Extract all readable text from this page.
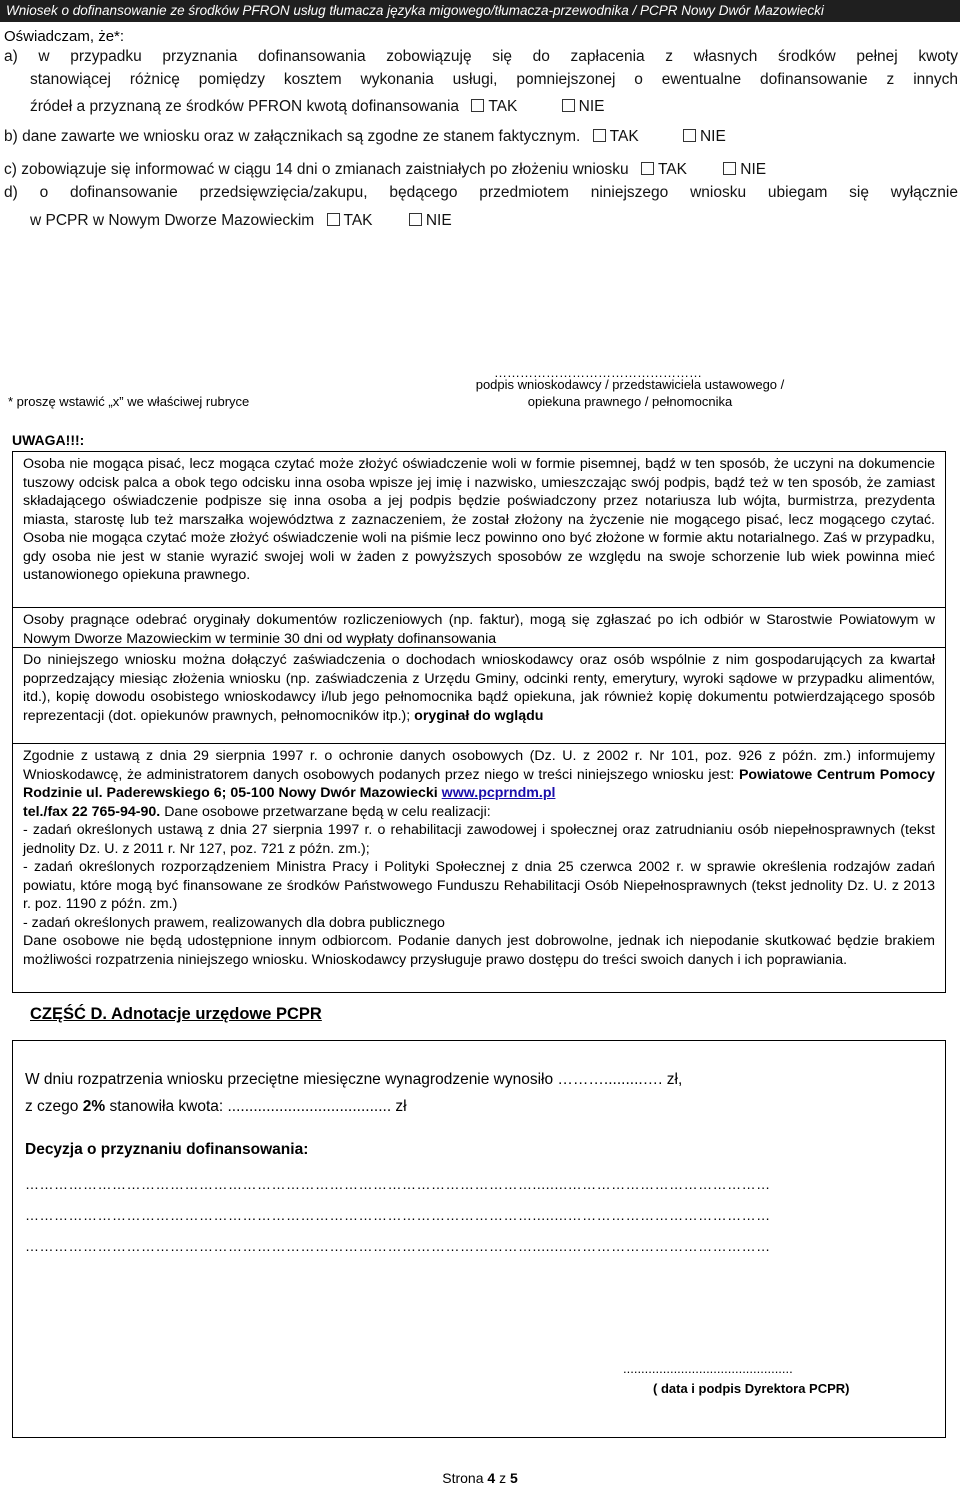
Wniosek o dofinansowanie ze środków PFRON usług tłumacza języka migowego/tłumacza-przewodnika / PCPR Nowy Dwór Mazowiecki
Oświadczam, że*:
a) w przypadku przyznania dofinansowania zobowiązuję się do zapłacenia z własnych środków pełnej kwoty
stanowiącej różnicę pomiędzy kosztem wykonania usługi, pomniejszonej o ewentualne dofinansowanie z innych
źródeł a przyznaną ze środków PFRON kwotą dofinansowania TAK	NIE
b) dane zawarte we wniosku oraz w załącznikach są zgodne ze stanem faktycznym. TAK	NIE
c) zobowiązuje się informować w ciągu 14 dni o zmianach zaistniałych po złożeniu wniosku TAK	NIE
d) o dofinansowanie przedsięwzięcia/zakupu, będącego przedmiotem niniejszego wniosku ubiegam się wyłącznie
w PCPR w Nowym Dworze Mazowieckim TAK	NIE
…………………………………………
podpis wnioskodawcy / przedstawiciela ustawowego /
opiekuna prawnego / pełnomocnika
* proszę wstawić „x” we właściwej rubryce
UWAGA!!!:
Osoba nie mogąca pisać, lecz mogąca czytać może złożyć oświadczenie woli w formie pisemnej, bądź w ten sposób, że uczyni na dokumencie tuszowy odcisk palca a obok tego odcisku inna osoba wpisze jej imię i nazwisko, umieszczając swój podpis, bądź też w ten sposób, że zamiast składającego oświadczenie podpisze się inna osoba a jej podpis będzie poświadczony przez notariusza lub wójta, burmistrza, prezydenta miasta, starostę lub też marszałka województwa z zaznaczeniem, że został złożony na życzenie nie mogącego pisać, lecz mogącego czytać. Osoba nie mogąca czytać może złożyć oświadczenie woli na piśmie lecz powinno ono być złożone w formie aktu notarialnego. Zaś w przypadku, gdy osoba nie jest w stanie wyrazić swojej woli w żaden z powyższych sposobów ze względu na swoje schorzenie lub wiek powinna mieć ustanowionego opiekuna prawnego.
Osoby pragnące odebrać oryginały dokumentów rozliczeniowych (np. faktur), mogą się zgłaszać po ich odbiór w Starostwie Powiatowym w Nowym Dworze Mazowieckim w terminie 30 dni od wypłaty dofinansowania
Do niniejszego wniosku można dołączyć zaświadczenia o dochodach wnioskodawcy oraz osób wspólnie z nim gospodarujących za kwartał poprzedzający miesiąc złożenia wniosku (np. zaświadczenia z Urzędu Gminy, odcinki renty, emerytury, wyroki sądowe w przypadku alimentów, itd.), kopię dowodu osobistego wnioskodawcy i/lub jego pełnomocnika bądź opiekuna, jak również kopię dokumentu potwierdzającego sposób reprezentacji (dot. opiekunów prawnych, pełnomocników itp.); oryginał do wglądu
Zgodnie z ustawą z dnia 29 sierpnia 1997 r. o ochronie danych osobowych (Dz. U. z 2002 r. Nr 101, poz. 926 z późn. zm.) informujemy Wnioskodawcę, że administratorem danych osobowych podanych przez niego w treści niniejszego wniosku jest: Powiatowe Centrum Pomocy Rodzinie ul. Paderewskiego 6; 05-100 Nowy Dwór Mazowiecki www.pcprndm.pl
tel./fax 22 765-94-90. Dane osobowe przetwarzane będą w celu realizacji:
- zadań określonych ustawą z dnia 27 sierpnia 1997 r. o rehabilitacji zawodowej i społecznej oraz zatrudnianiu osób niepełnosprawnych (tekst jednolity Dz. U. z 2011 r. Nr 127, poz. 721 z późn. zm.);
- zadań określonych rozporządzeniem Ministra Pracy i Polityki Społecznej z dnia 25 czerwca 2002 r. w sprawie określenia rodzajów zadań powiatu, które mogą być finansowane ze środków Państwowego Funduszu Rehabilitacji Osób Niepełnosprawnych (tekst jednolity Dz. U. z 2013 r. poz. 1190 z późn. zm.)
- zadań określonych prawem, realizowanych dla dobra publicznego
Dane osobowe nie będą udostępnione innym odbiorcom. Podanie danych jest dobrowolne, jednak ich niepodanie skutkować będzie brakiem możliwości rozpatrzenia niniejszego wniosku. Wnioskodawcy przysługuje prawo dostępu do treści swoich danych i ich poprawiania.
CZĘŚĆ D. Adnotacje urzędowe PCPR
W dniu rozpatrzenia wniosku przeciętne miesięczne wynagrodzenie wynosiło ……….........…. zł,
z czego 2% stanowiła kwota: ...................................... zł
Decyzja o przyznaniu dofinansowania:
……………………………………………………………………………………………........……………………………………
……………………………………………………………………………………………........……………………………………
……………………………………………………………………………………………........……………………………………
...............................................
( data i podpis Dyrektora PCPR)
Strona 4 z 5
